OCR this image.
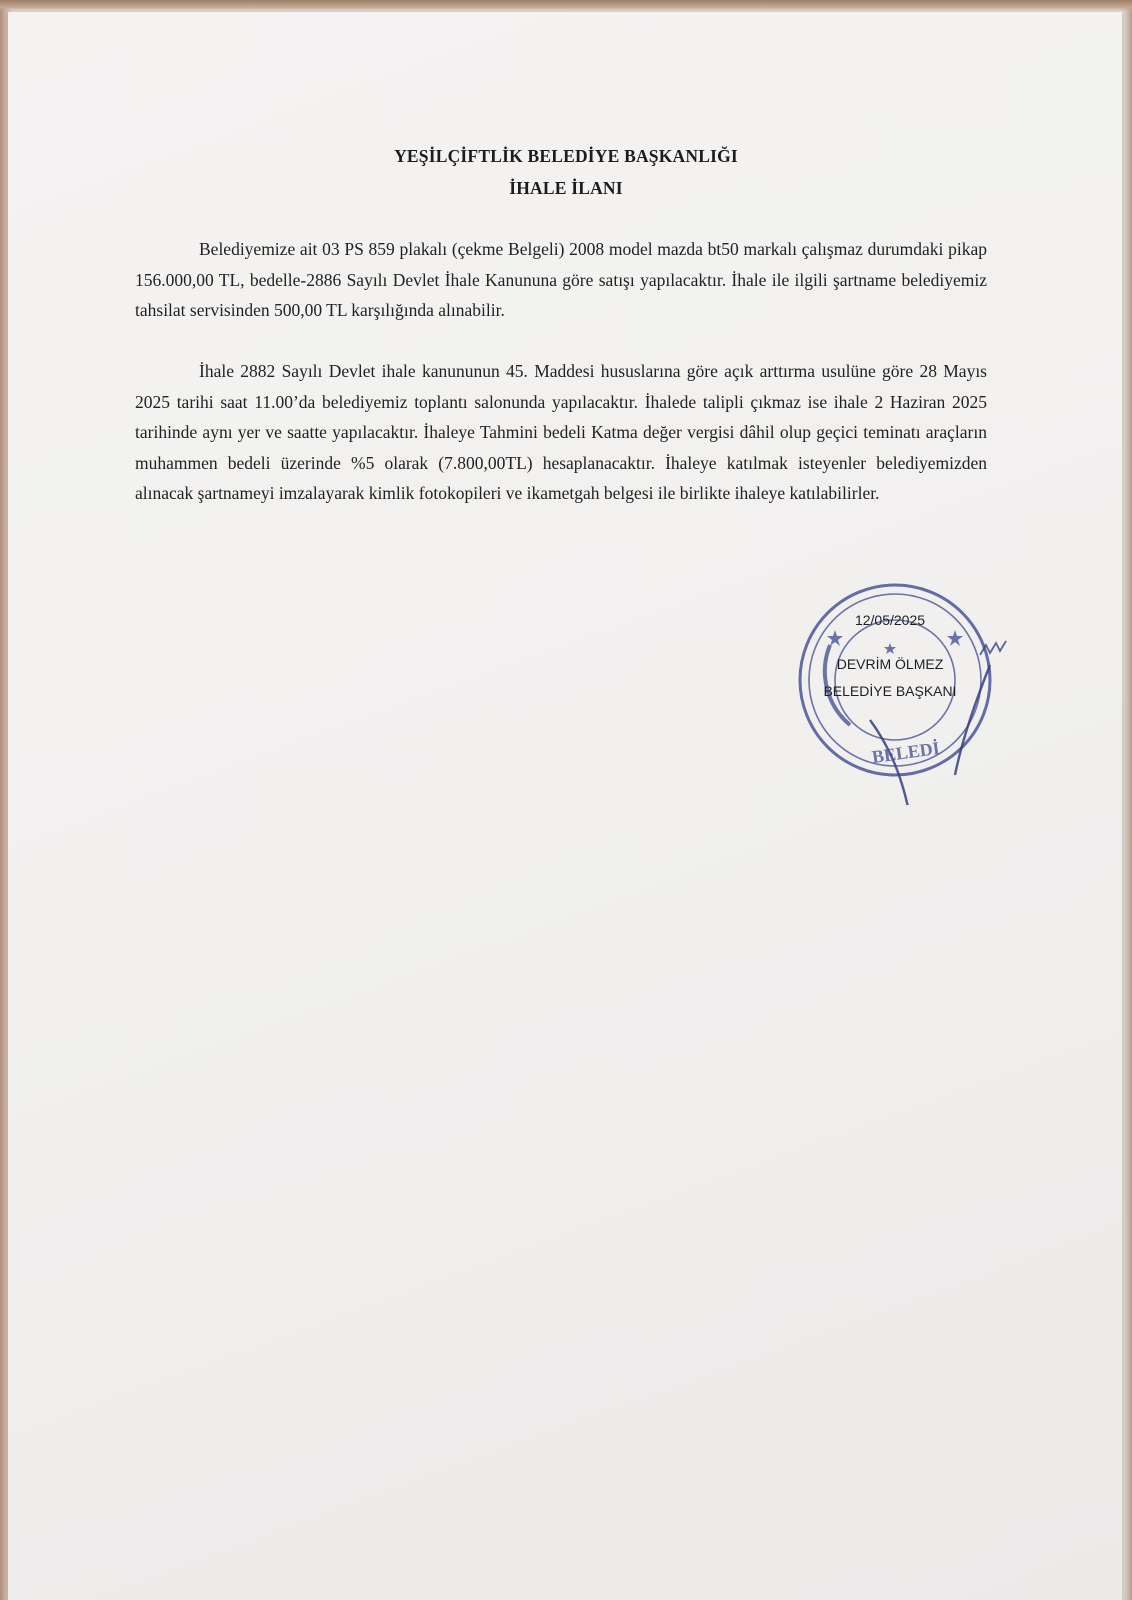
YEŞİLÇİFTLİK BELEDİYE BAŞKANLIĞI
İHALE İLANI

Belediyemize ait 03 PS 859 plakalı (çekme Belgeli) 2008 model mazda bt50 markalı çalışmaz durumdaki pikap 156.000,00 TL, bedelle-2886 Sayılı Devlet İhale Kanununa göre satışı yapılacaktır. İhale ile ilgili şartname belediyemiz tahsilat servisinden 500,00 TL karşılığında alınabilir.

İhale 2882 Sayılı Devlet ihale kanununun 45. Maddesi hususlarına göre açık arttırma usulüne göre 28 Mayıs 2025 tarihi saat 11.00’da belediyemiz toplantı salonunda yapılacaktır. İhalede talipli çıkmaz ise ihale 2 Haziran 2025 tarihinde aynı yer ve saatte yapılacaktır. İhaleye Tahmini bedeli Katma değer vergisi dâhil olup geçici teminatı araçların muhammen bedeli üzerinde %5 olarak (7.800,00TL) hesaplanacaktır. İhaleye katılmak isteyenler belediyemizden alınacak şartnameyi imzalayarak kimlik fotokopileri ve ikametgah belgesi ile birlikte ihaleye katılabilirler.

BELEDİ
12/05/2025
DEVRİM ÖLMEZ
BELEDİYE BAŞKANI
